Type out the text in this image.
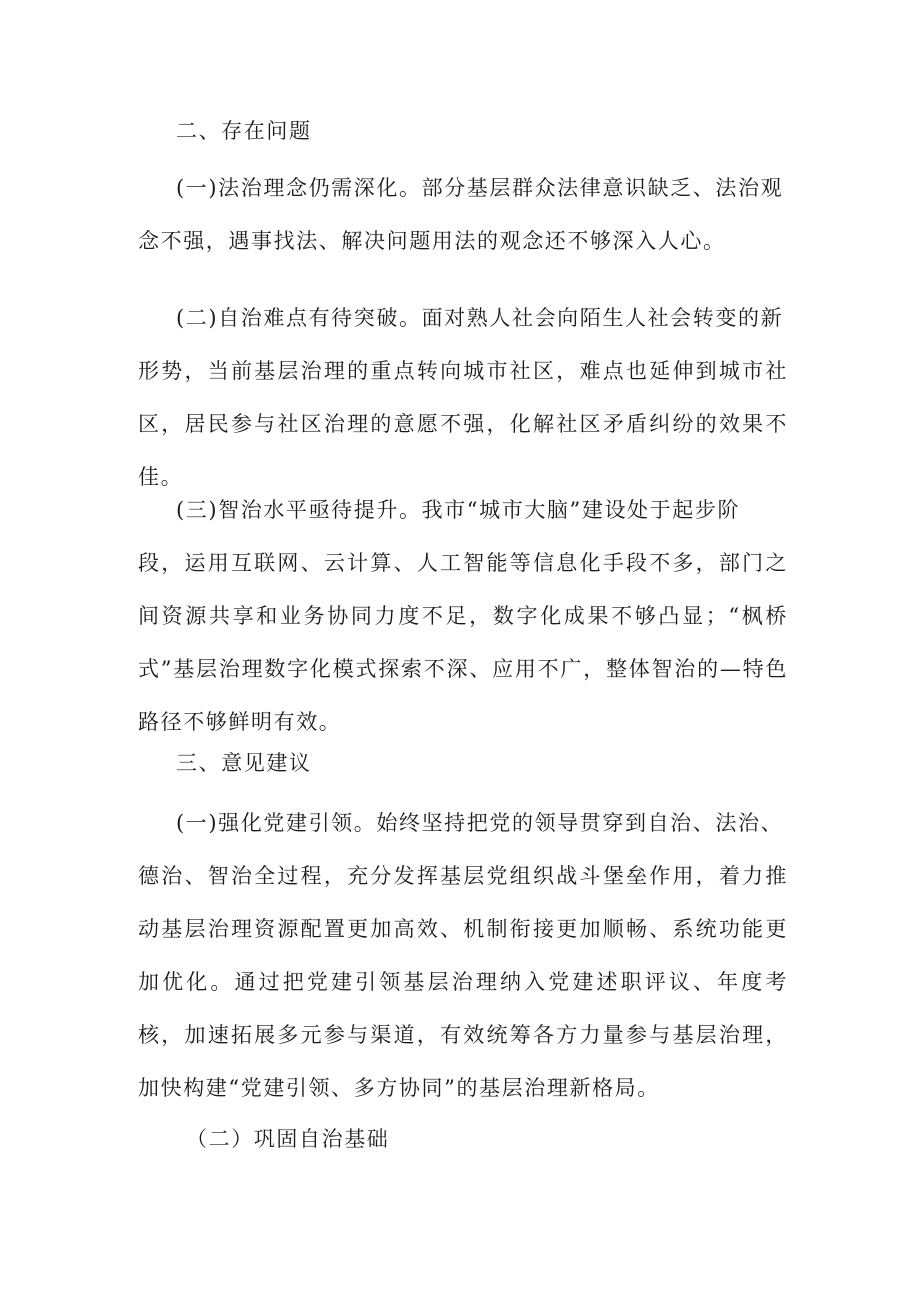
二、存在问题

(一)法治理念仍需深化。部分基层群众法律意识缺乏、法治观

念不强，遇事找法、解决问题用法的观念还不够深入人心。

(二)自治难点有待突破。面对熟人社会向陌生人社会转变的新

形势，当前基层治理的重点转向城市社区，难点也延伸到城市社区，居民参与社区治理的意愿不强，化解社区矛盾纠纷的效果不佳。

(三)智治水平亟待提升。我市“城市大脑”建设处于起步阶

段，运用互联网、云计算、人工智能等信息化手段不多，部门之间资源共享和业务协同力度不足，数字化成果不够凸显；“枫桥式”基层治理数字化模式探索不深、应用不广，整体智治的—特色路径不够鲜明有效。

三、意见建议

(一)强化党建引领。始终坚持把党的领导贯穿到自治、法治、

德治、智治全过程，充分发挥基层党组织战斗堡垒作用，着力推动基层治理资源配置更加高效、机制衔接更加顺畅、系统功能更加优化。通过把党建引领基层治理纳入党建述职评议、年度考核，加速拓展多元参与渠道，有效统筹各方力量参与基层治理，加快构建“党建引领、多方协同”的基层治理新格局。

（二）巩固自治基础
